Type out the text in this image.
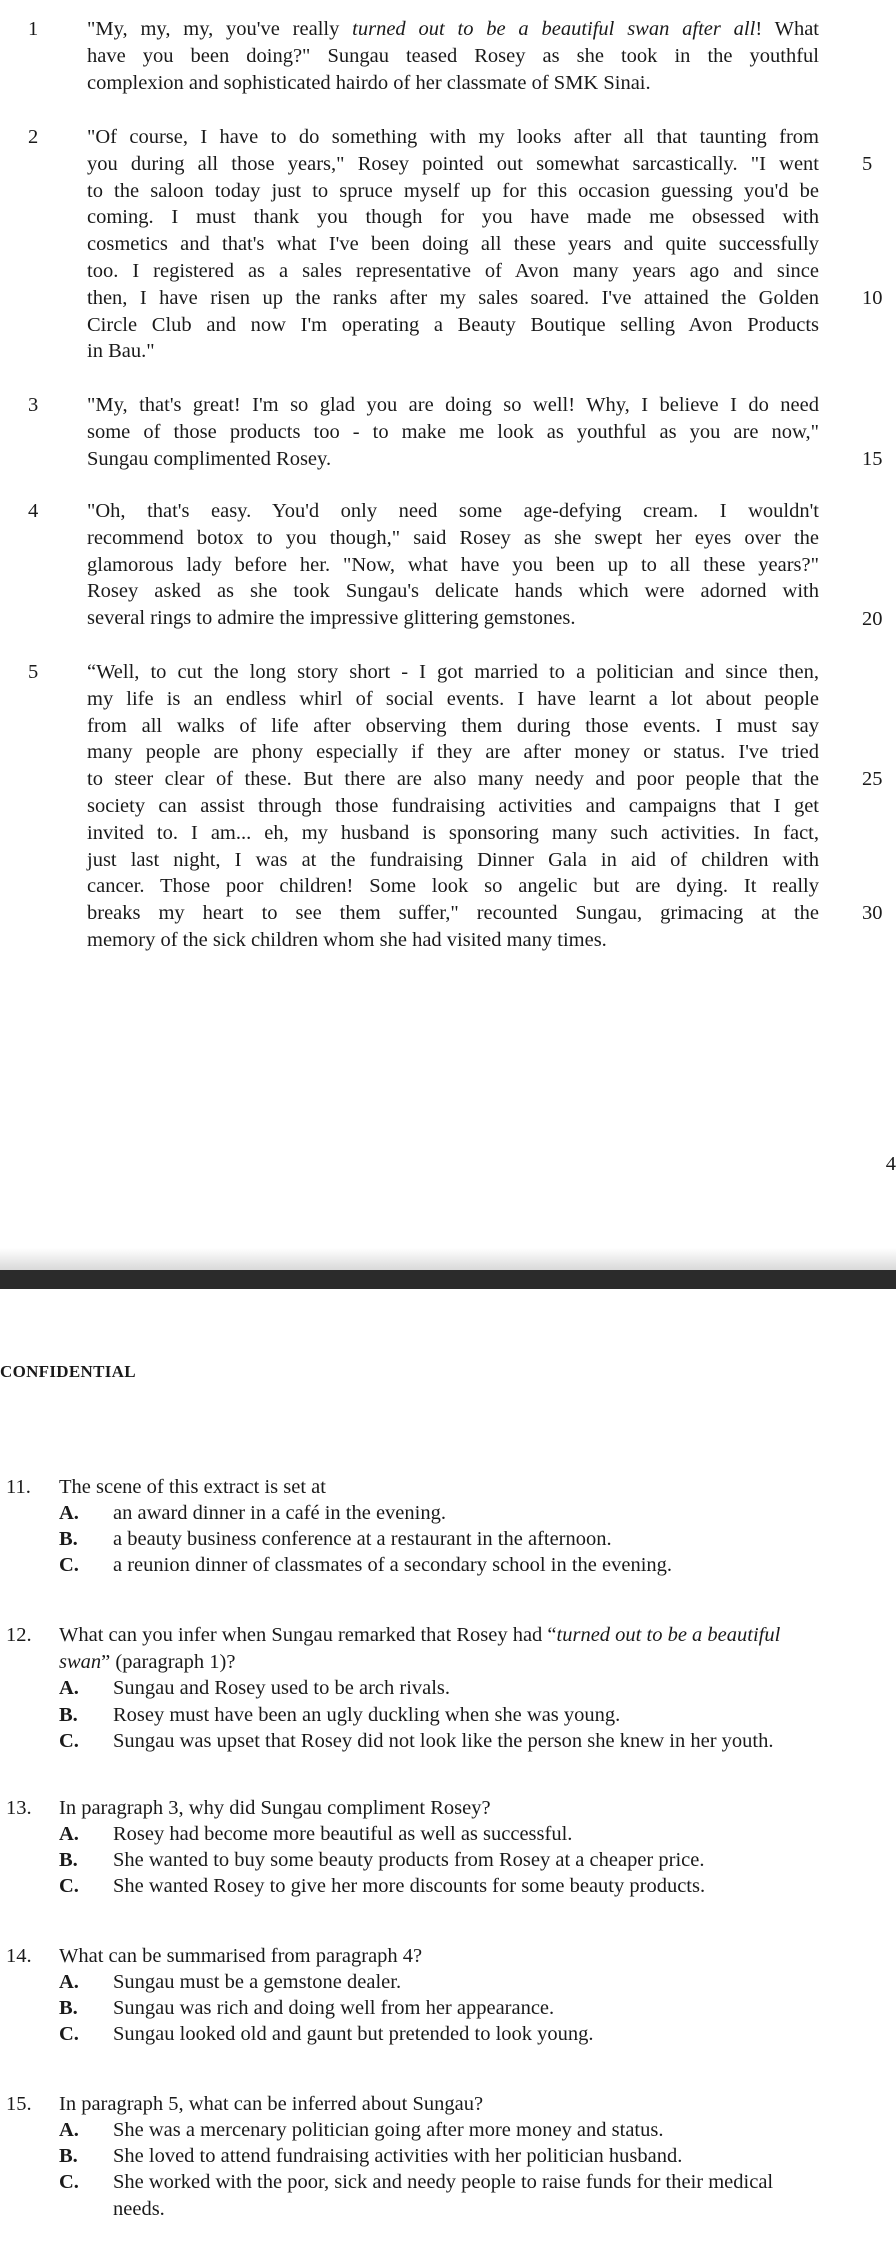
1	"My, my, my, you've really turned out to be a beautiful swan after all! What
have you been doing?" Sungau teased Rosey as she took in the youthful
complexion and sophisticated hairdo of her classmate of SMK Sinai.
2	"Of course, I have to do something with my looks after all that taunting from
you during all those years," Rosey pointed out somewhat sarcastically. "I went
to the saloon today just to spruce myself up for this occasion guessing you'd be
coming. I must thank you though for you have made me obsessed with
cosmetics and that's what I've been doing all these years and quite successfully
too. I registered as a sales representative of Avon many years ago and since
then, I have risen up the ranks after my sales soared. I've attained the Golden
Circle Club and now I'm operating a Beauty Boutique selling Avon Products
in Bau."
3	"My, that's great! I'm so glad you are doing so well! Why, I believe I do need
some of those products too - to make me look as youthful as you are now,"
Sungau complimented Rosey.
4	"Oh, that's easy. You'd only need some age-defying cream. I wouldn't
recommend botox to you though," said Rosey as she swept her eyes over the
glamorous lady before her. "Now, what have you been up to all these years?"
Rosey asked as she took Sungau's delicate hands which were adorned with
several rings to admire the impressive glittering gemstones.
5	“Well, to cut the long story short - I got married to a politician and since then,
my life is an endless whirl of social events. I have learnt a lot about people
from all walks of life after observing them during those events. I must say
many people are phony especially if they are after money or status. I've tried
to steer clear of these. But there are also many needy and poor people that the
society can assist through those fundraising activities and campaigns that I get
invited to. I am... eh, my husband is sponsoring many such activities. In fact,
just last night, I was at the fundraising Dinner Gala in aid of children with
cancer. Those poor children! Some look so angelic but are dying. It really
breaks my heart to see them suffer," recounted Sungau, grimacing at the
memory of the sick children whom she had visited many times.
5
10
15
20
25
30
4
CONFIDENTIAL
11. The scene of this extract is set at
A.	an award dinner in a café in the evening.
B.	a beauty business conference at a restaurant in the afternoon.
C.	a reunion dinner of classmates of a secondary school in the evening.
12. What can you infer when Sungau remarked that Rosey had “turned out to be a beautiful
swan” (paragraph 1)?
A.	Sungau and Rosey used to be arch rivals.
B.	Rosey must have been an ugly duckling when she was young.
C.	Sungau was upset that Rosey did not look like the person she knew in her youth.
13. In paragraph 3, why did Sungau compliment Rosey?
A.	Rosey had become more beautiful as well as successful.
B.	She wanted to buy some beauty products from Rosey at a cheaper price.
C.	She wanted Rosey to give her more discounts for some beauty products.
14. What can be summarised from paragraph 4?
A.	Sungau must be a gemstone dealer.
B.	Sungau was rich and doing well from her appearance.
C.	Sungau looked old and gaunt but pretended to look young.
15. In paragraph 5, what can be inferred about Sungau?
A.	She was a mercenary politician going after more money and status.
B.	She loved to attend fundraising activities with her politician husband.
C.	She worked with the poor, sick and needy people to raise funds for their medical
needs.
